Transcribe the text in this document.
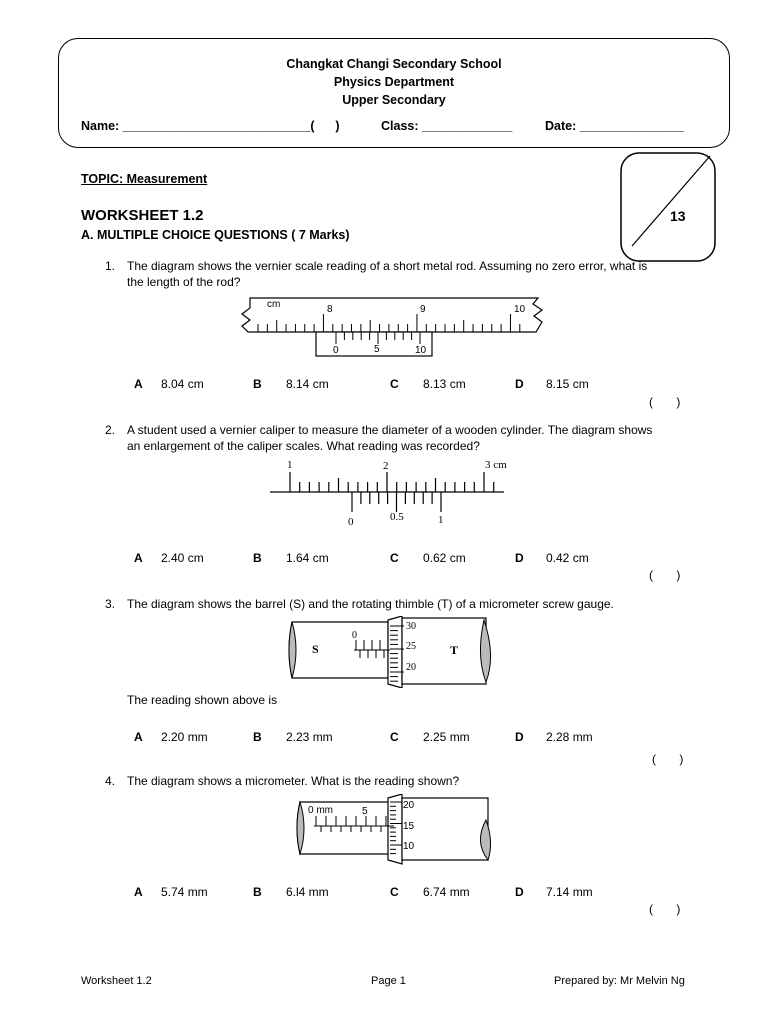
Changkat Changi Secondary School
Physics Department
Upper Secondary
Name: ___________________________(      )	Class: _____________	Date: _______________
TOPIC: Measurement
13
WORKSHEET 1.2
A. MULTIPLE CHOICE QUESTIONS ( 7 Marks)
1. The diagram shows the vernier scale reading of a short metal rod. Assuming no zero error, what is
the length of the rod?
cm	8	9	10
0	5	10
A 8.04 cm	B 8.14 cm	C 8.13 cm	D 8.15 cm
(       )
2. A student used a vernier caliper to measure the diameter of a wooden cylinder. The diagram shows
an enlargement of the caliper scales. What reading was recorded?
1	2	3 cm
0	0.5	1
A 2.40 cm	B 1.64 cm	C 0.62 cm	D 0.42 cm
(       )
3. The diagram shows the barrel (S) and the rotating thimble (T) of a micrometer screw gauge.
S	T
0
30
25
20
The reading shown above is
A 2.20 mm	B 2.23 mm	C 2.25 mm	D 2.28 mm
(       )
4. The diagram shows a micrometer. What is the reading shown?
0 mm	5
20
15
10
A 5.74 mm	B 6.l4 mm	C 6.74 mm	D 7.14 mm
(       )
Worksheet 1.2	Page 1	Prepared by: Mr Melvin Ng
